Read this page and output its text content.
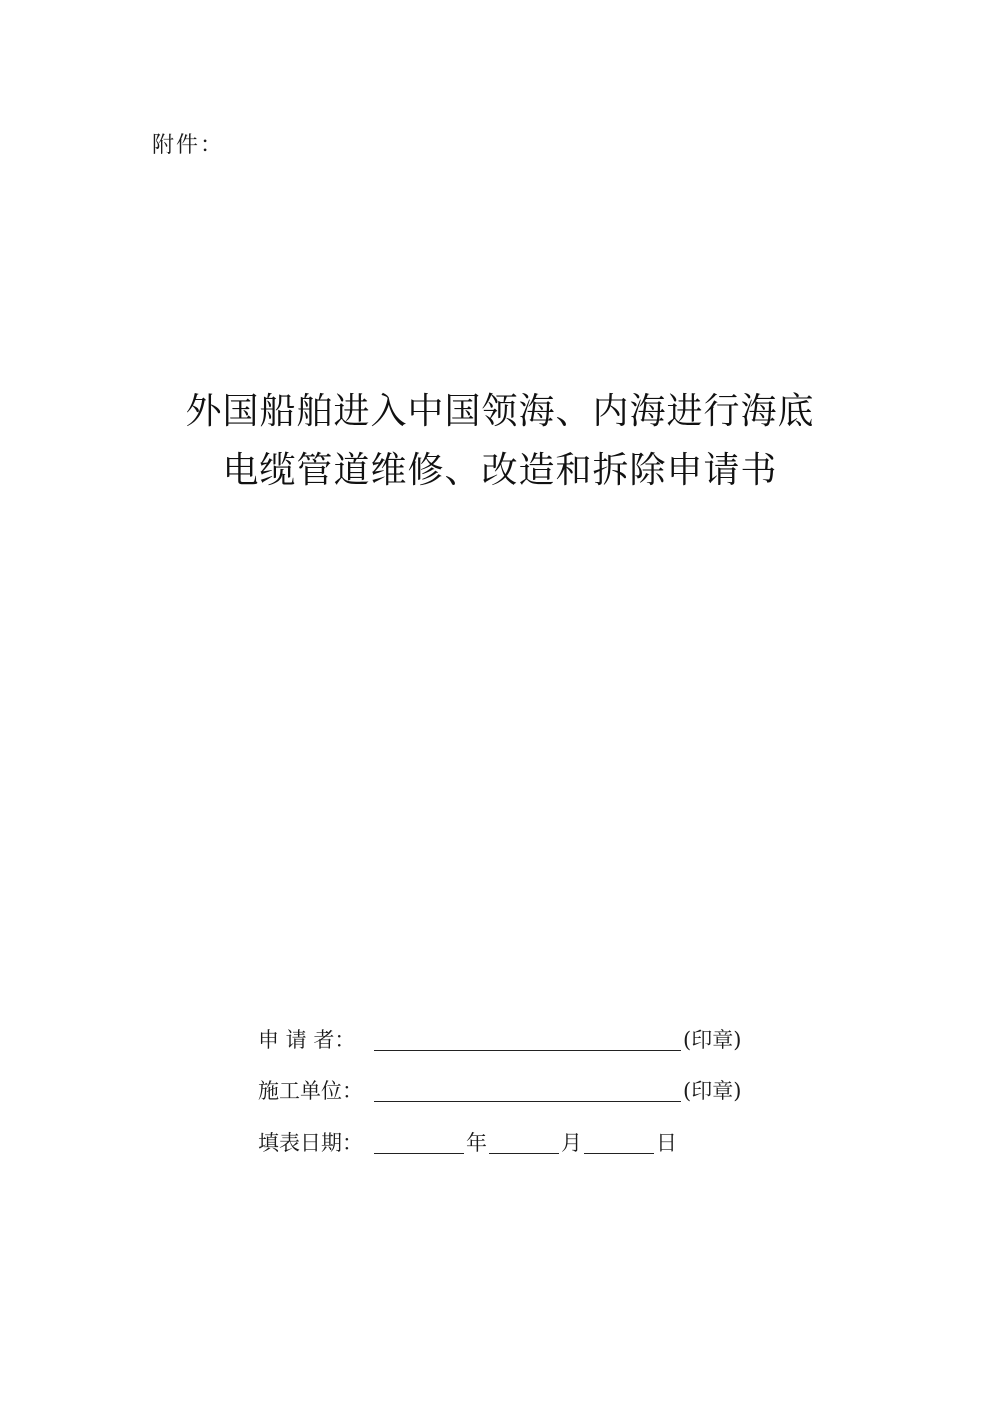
附件：
外国船舶进入中国领海、内海进行海底
电缆管道维修、改造和拆除申请书
申 请 者：	(印章)
施工单位：	(印章)
填表日期：	年	月	日
